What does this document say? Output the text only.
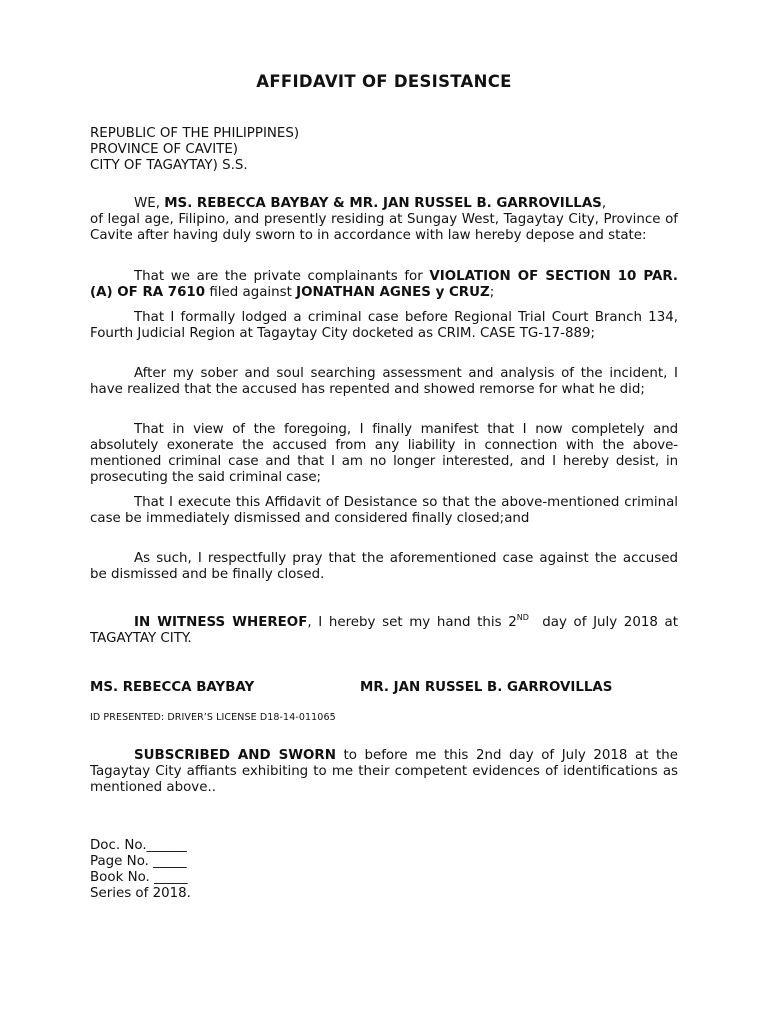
AFFIDAVIT OF DESISTANCE
REPUBLIC OF THE PHILIPPINES)
PROVINCE OF CAVITE)
CITY OF TAGAYTAY) S.S.

WE, MS. REBECCA BAYBAY & MR. JAN RUSSEL B. GARROVILLAS,

of legal age, Filipino, and presently residing at Sungay West, Tagaytay City, Province of Cavite after having duly sworn to in accordance with law hereby depose and state:

That we are the private complainants for VIOLATION OF SECTION 10 PAR. (A) OF RA 7610 filed against JONATHAN AGNES y CRUZ;

That I formally lodged a criminal case before Regional Trial Court Branch 134, Fourth Judicial Region at Tagaytay City docketed as CRIM. CASE TG-17-889;

After my sober and soul searching assessment and analysis of the incident, I have realized that the accused has repented and showed remorse for what he did;

That in view of the foregoing, I finally manifest that I now completely and absolutely exonerate the accused from any liability in connection with the above-mentioned criminal case and that I am no longer interested, and I hereby desist, in prosecuting the said criminal case;

That I execute this Affidavit of Desistance so that the above-mentioned criminal case be immediately dismissed and considered finally closed;and

As such, I respectfully pray that the aforementioned case against the accused be dismissed and be finally closed.

IN WITNESS WHEREOF, I hereby set my hand this 2ND  day of July 2018 at TAGAYTAY CITY.

MS. REBECCA BAYBAY	MR. JAN RUSSEL B. GARROVILLAS
ID PRESENTED: DRIVER’S LICENSE D18-14-011065

SUBSCRIBED AND SWORN to before me this 2nd day of July 2018 at the Tagaytay City affiants exhibiting to me their competent evidences of identifications as mentioned above..

Doc. No.______
Page No. _____
Book No. _____
Series of 2018.
